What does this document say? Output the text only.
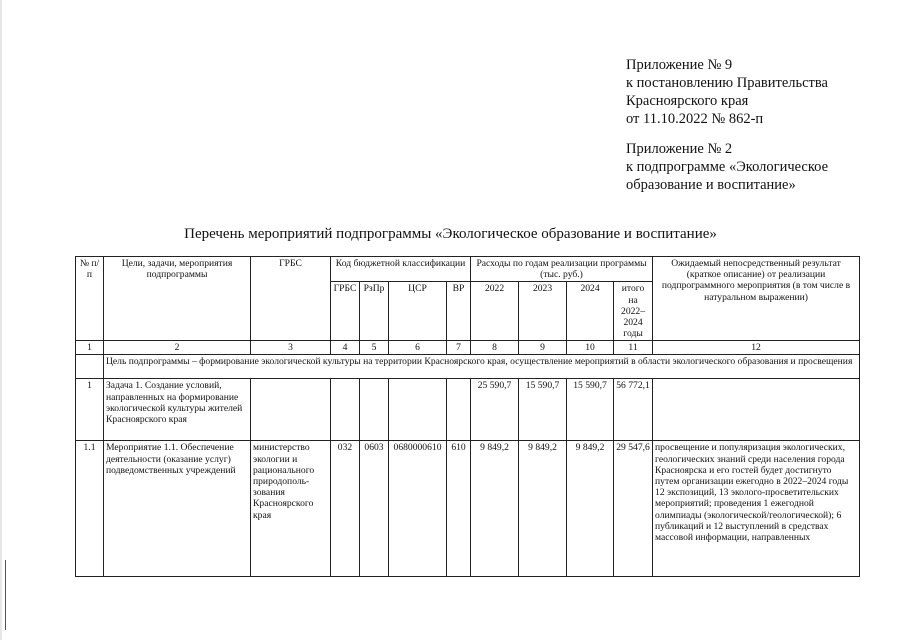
Приложение № 9
к постановлению Правительства
Красноярского края
от 11.10.2022 № 862-п
Приложение № 2
к подпрограмме «Экологическое
образование и воспитание»
Перечень мероприятий подпрограммы «Экологическое образование и воспитание»
№ п/п	Цели, задачи, мероприятия подпрограммы	ГРБС	Код бюджетной классификации				Расходы по годам реализации программы (тыс. руб.)				Ожидаемый непосредственный результат (краткое описание) от реализации подпрограммного мероприятия (в том числе в натуральном выражении)
			ГРБС	РзПр	ЦСР	ВР	2022	2023	2024	итого на 2022–2024 годы	
1	2	3	4	5	6	7	8	9	10	11	12
	Цель подпрограммы – формирование экологической культуры на территории Красноярского края, осуществление мероприятий в области экологического образования и просвещения										
1	Задача 1. Создание условий, направленных на формирование экологической культуры жителей Красноярского края						25 590,7	15 590,7	15 590,7	56 772,1	
1.1	Мероприятие 1.1. Обеспечение деятельности (оказание услуг) подведомственных учреждений	министерство экологии и рационального природополь-зования Красноярского края	032	0603	0680000610	610	9 849,2	9 849,2	9 849,2	29 547,6	просвещение и популяризация экологических, геологических знаний среди населения города Красноярска и его гостей будет достигнуто путем организации ежегодно в 2022–2024 годы 12 экспозиций, 13 эколого-просветительских мероприятий; проведения 1 ежегодной олимпиады (экологической/геологической); 6 публикаций и 12 выступлений в средствах массовой информации, направленных
